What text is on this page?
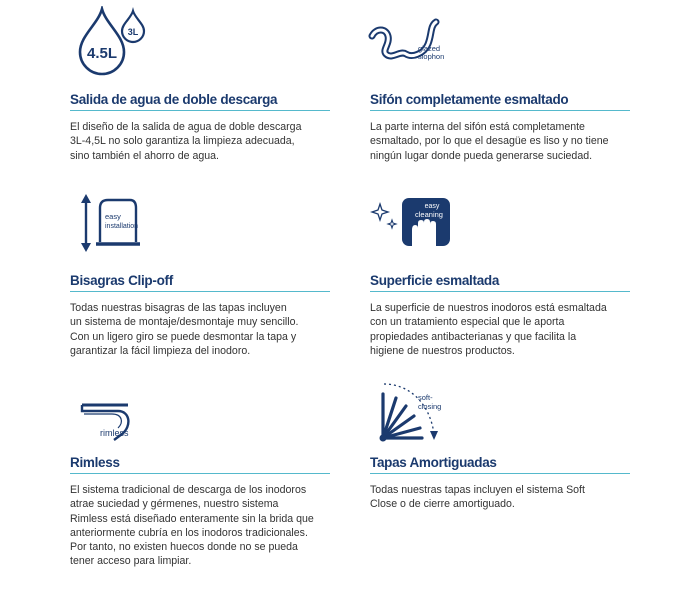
4.5L
3L
Salida de agua de doble descarga

El diseño de la salida de agua de doble descarga
3L-4,5L no solo garantiza la limpieza adecuada,
sino también el ahorro de agua.

glazed
siophon
Sifón completamente esmaltado

La parte interna del sifón está completamente
esmaltado, por lo que el desagüe es liso y no tiene
ningún lugar donde pueda generarse suciedad.

easy
installation
Bisagras Clip-off

Todas nuestras bisagras de las tapas incluyen
un sistema de montaje/desmontaje muy sencillo.
Con un ligero giro se puede desmontar la tapa y
garantizar la fácil limpieza del inodoro.

easy
cleaning
Superficie esmaltada

La superficie de nuestros inodoros está esmaltada
con un tratamiento especial que le aporta
propiedades antibacterianas y que facilita la
higiene de nuestros productos.

rimless
Rimless

El sistema tradicional de descarga de los inodoros
atrae suciedad y gérmenes, nuestro sistema
Rimless está diseñado enteramente sin la brida que
anteriormente cubría en los inodoros tradicionales.
Por tanto, no existen huecos donde no se pueda
tener acceso para limpiar.

soft-
closing
Tapas Amortiguadas

Todas nuestras tapas incluyen el sistema Soft
Close o de cierre amortiguado.
